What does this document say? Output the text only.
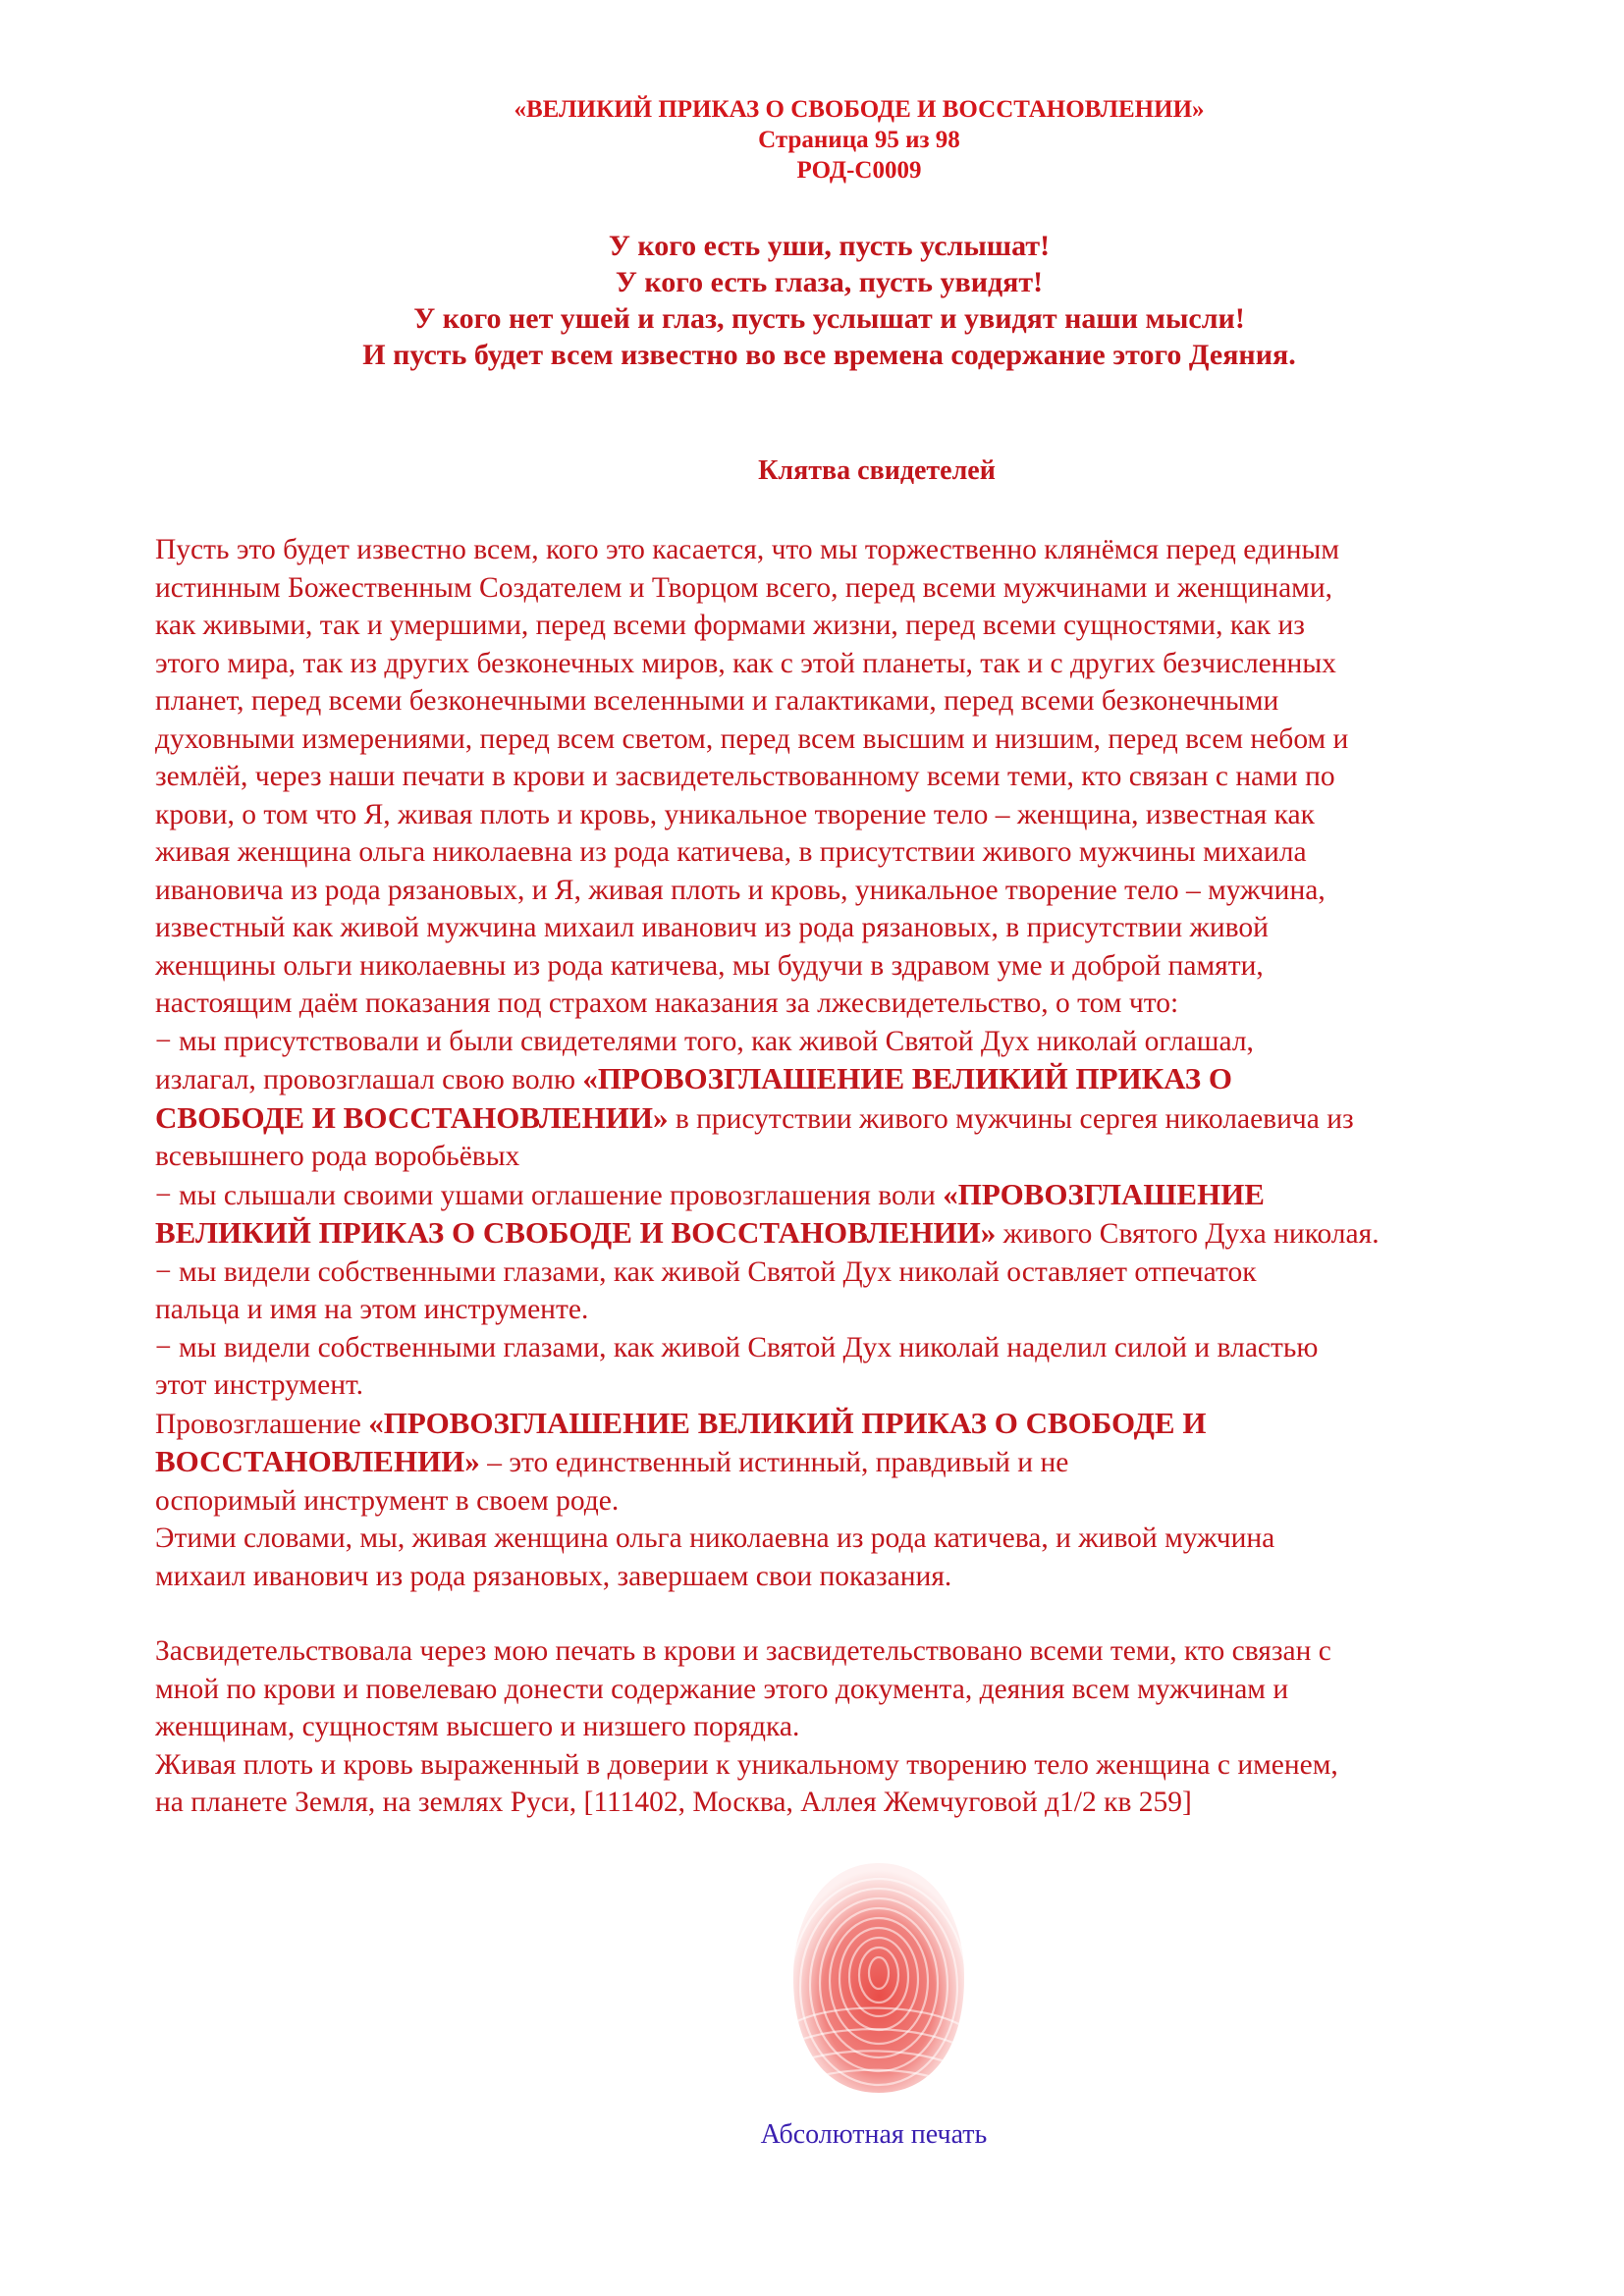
«ВЕЛИКИЙ ПРИКАЗ О СВОБОДЕ И ВОССТАНОВЛЕНИИ»
Страница 95 из 98
РОД-С0009
У кого есть уши, пусть услышат!
У кого есть глаза, пусть увидят!
У кого нет ушей и глаз, пусть услышат и увидят наши мысли!
И пусть будет всем известно во все времена содержание этого Деяния.
Клятва свидетелей
Пусть это будет известно всем, кого это касается, что мы торжественно клянёмся перед единым
истинным Божественным Создателем и Творцом всего, перед всеми мужчинами и женщинами,
как живыми, так и умершими, перед всеми формами жизни, перед всеми сущностями, как из
этого мира, так из других безконечных миров, как с этой планеты, так и с других безчисленных
планет, перед всеми безконечными вселенными и галактиками, перед всеми безконечными
духовными измерениями, перед всем светом, перед всем высшим и низшим, перед всем небом и
землёй, через наши печати в крови и засвидетельствованному всеми теми, кто связан с нами по
крови, о том что Я, живая плоть и кровь, уникальное творение тело – женщина, известная как
живая женщина ольга николаевна из рода катичева, в присутствии живого мужчины михаила
ивановича из рода рязановых, и Я, живая плоть и кровь, уникальное творение тело – мужчина,
известный как живой мужчина михаил иванович из рода рязановых, в присутствии живой
женщины ольги николаевны из рода катичева, мы будучи в здравом уме и доброй памяти,
настоящим даём показания под страхом наказания за лжесвидетельство, о том что:
− мы присутствовали и были свидетелями того, как живой Святой Дух николай оглашал,
излагал, провозглашал свою волю «ПРОВОЗГЛАШЕНИЕ ВЕЛИКИЙ ПРИКАЗ О
СВОБОДЕ И ВОССТАНОВЛЕНИИ» в присутствии живого мужчины сергея николаевича из
всевышнего рода воробьёвых
− мы слышали своими ушами оглашение провозглашения воли «ПРОВОЗГЛАШЕНИЕ
ВЕЛИКИЙ ПРИКАЗ О СВОБОДЕ И ВОССТАНОВЛЕНИИ» живого Святого Духа николая.
− мы видели собственными глазами, как живой Святой Дух николай оставляет отпечаток
пальца и имя на этом инструменте.
− мы видели собственными глазами, как живой Святой Дух николай наделил силой и властью
этот инструмент.
Провозглашение «ПРОВОЗГЛАШЕНИЕ ВЕЛИКИЙ ПРИКАЗ О СВОБОДЕ И
ВОССТАНОВЛЕНИИ» – это единственный истинный, правдивый и не
оспоримый инструмент в своем роде.
Этими словами, мы, живая женщина ольга николаевна из рода катичева, и живой мужчина
михаил иванович из рода рязановых, завершаем свои показания.
Засвидетельствовала через мою печать в крови и засвидетельствовано всеми теми, кто связан с
мной по крови и повелеваю донести содержание этого документа, деяния всем мужчинам и
женщинам, сущностям высшего и низшего порядка.
Живая плоть и кровь выраженный в доверии к уникальному творению тело женщина с именем,
на планете Земля, на землях Руси, [111402, Москва, Аллея Жемчуговой д1/2 кв 259]
Абсолютная печать
